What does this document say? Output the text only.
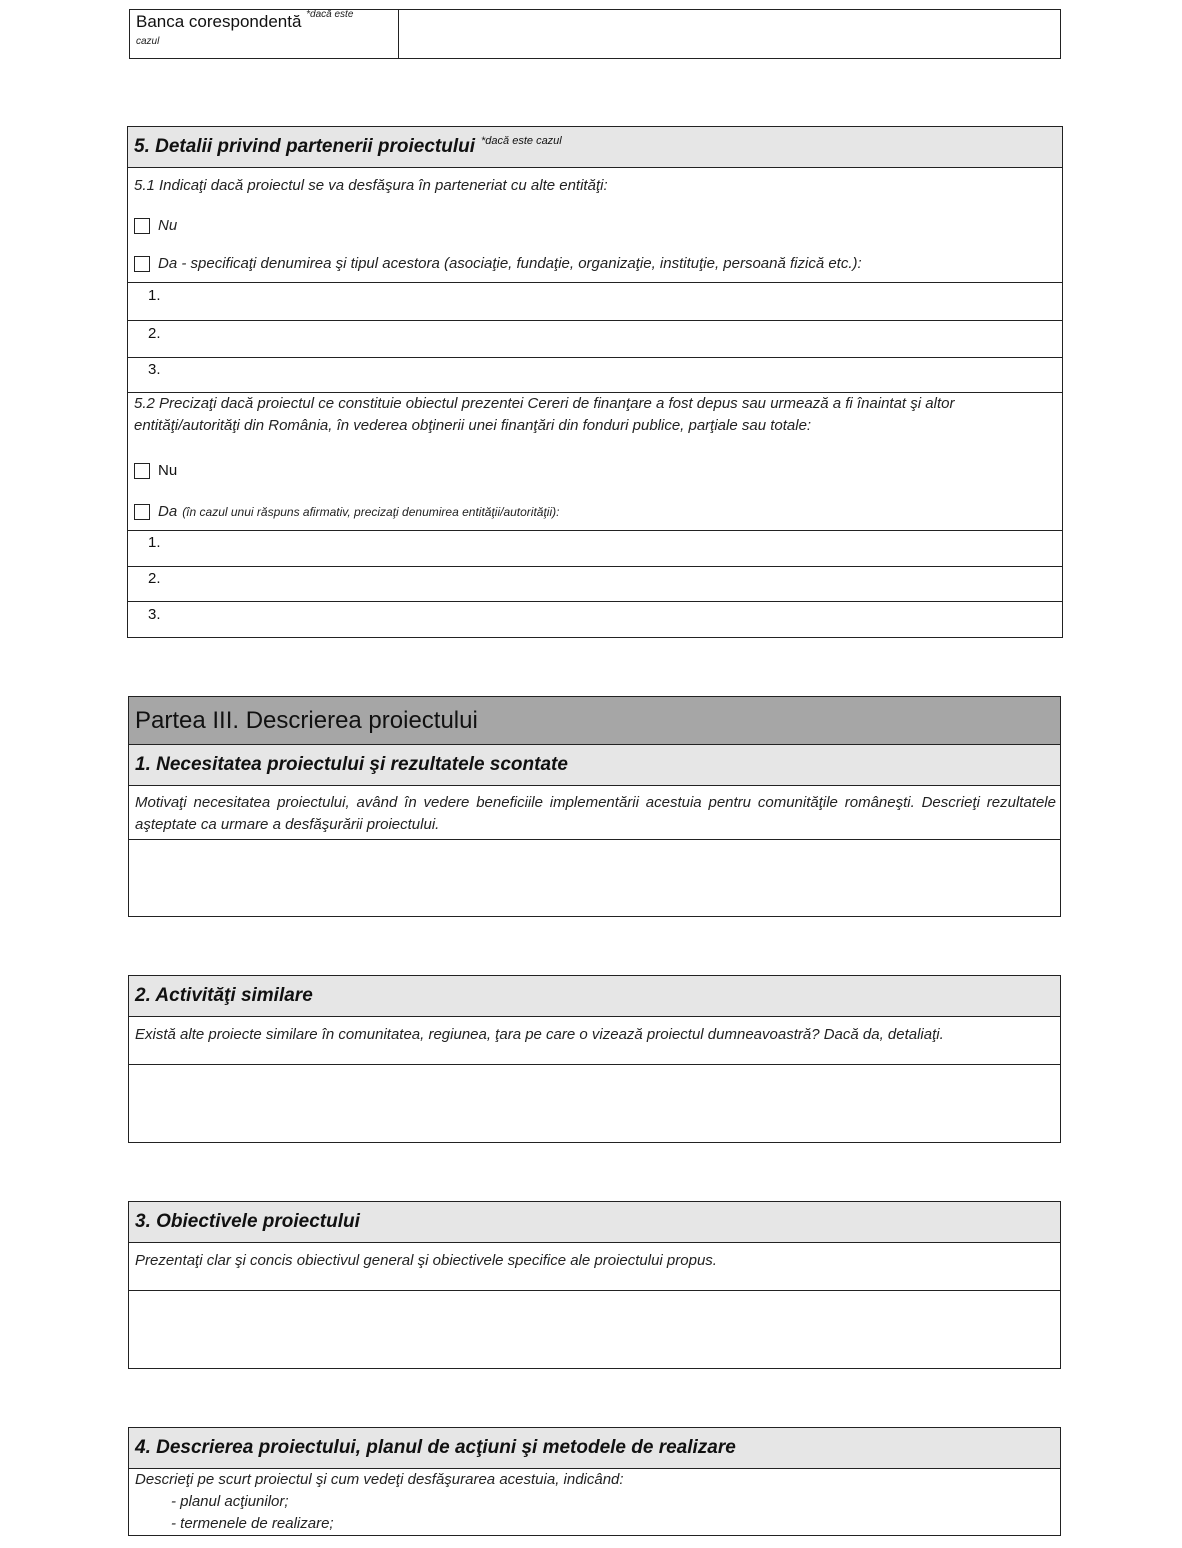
Banca corespondentă $^{*dacă este}$
cazul
5. Detalii privind partenerii proiectului *dacă este cazul
5.1 Indicaţi dacă proiectul se va desfăşura în parteneriat cu alte entităţi:
Nu
Da - specificaţi denumirea şi tipul acestora (asociaţie, fundaţie, organizaţie, instituţie, persoană fizică etc.):
1.
2.
3.
5.2 Precizaţi dacă proiectul ce constituie obiectul prezentei Cereri de finanţare a fost depus sau urmează a fi înaintat şi altor
entităţi/autorităţi din România, în vederea obţinerii unei finanţări din fonduri publice, parţiale sau totale:
Nu
Da (în cazul unui răspuns afirmativ, precizaţi denumirea entităţii/autorităţii):
1.
2.
3.
Partea III. Descrierea proiectului
1. Necesitatea proiectului şi rezultatele scontate
Motivaţi necesitatea proiectului, având în vedere beneficiile implementării acestuia pentru comunităţile româneşti. Descrieţi rezultatele aşteptate ca urmare a desfăşurării proiectului.
2. Activităţi similare
Există alte proiecte similare în comunitatea, regiunea, ţara pe care o vizează proiectul dumneavoastră? Dacă da, detaliaţi.
3. Obiectivele proiectului
Prezentaţi clar şi concis obiectivul general şi obiectivele specifice ale proiectului propus.
4. Descrierea proiectului, planul de acţiuni şi metodele de realizare
Descrieţi pe scurt proiectul şi cum vedeţi desfăşurarea acestuia, indicând:
- planul acţiunilor;
- termenele de realizare;
